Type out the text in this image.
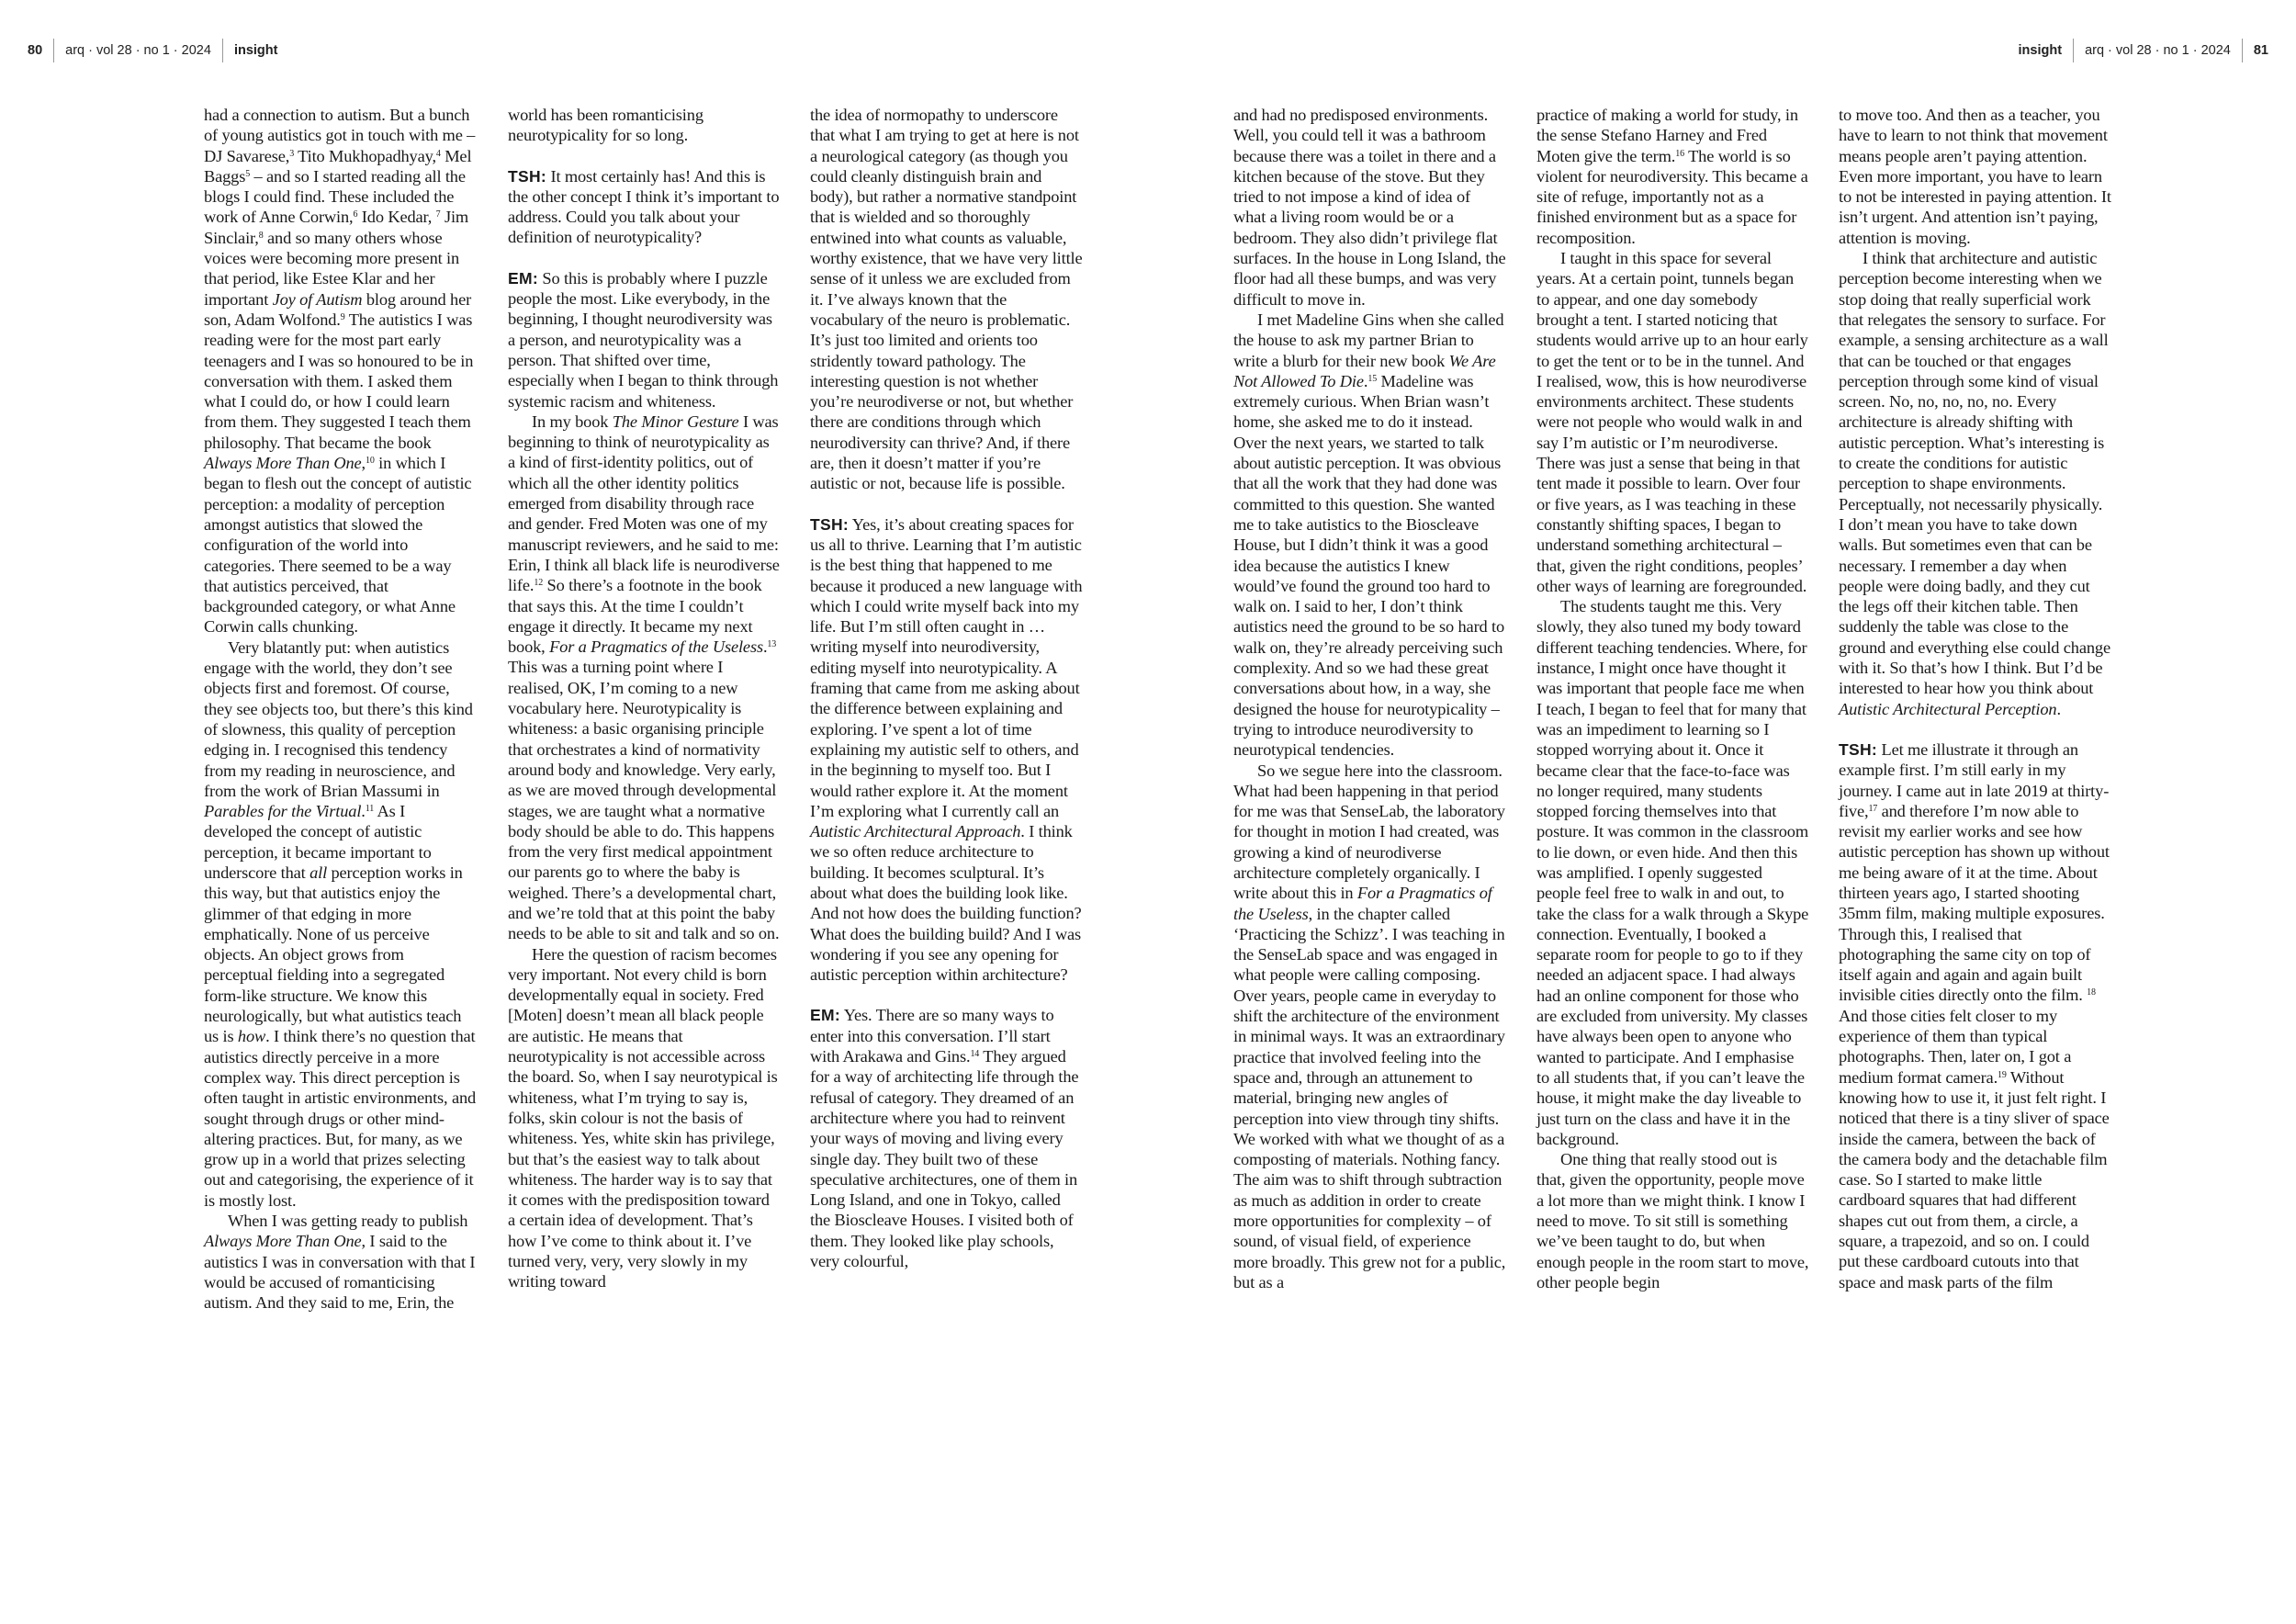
80 arq · vol 28 · no 1 · 2024 insight

had a connection to autism. But a bunch of young autistics got in touch with me – DJ Savarese,$^3$ Tito Mukhopadhyay,$^4$ Mel Baggs$^5$ – and so I started reading all the blogs I could find. These included the work of Anne Corwin,$^6$ Ido Kedar, $^7$ Jim Sinclair,$^8$ and so many others whose voices were becoming more present in that period, like Estee Klar and her important Joy of Autism blog around her son, Adam Wolfond.$^9$ The autistics I was reading were for the most part early teenagers and I was so honoured to be in conversation with them. I asked them what I could do, or how I could learn from them. They suggested I teach them philosophy. That became the book Always More Than One,$^{10}$ in which I began to flesh out the concept of autistic perception: a modality of perception amongst autistics that slowed the configuration of the world into categories. There seemed to be a way that autistics perceived, that backgrounded category, or what Anne Corwin calls chunking.

Very blatantly put: when autistics engage with the world, they don’t see objects first and foremost. Of course, they see objects too, but there’s this kind of slowness, this quality of perception edging in. I recognised this tendency from my reading in neuroscience, and from the work of Brian Massumi in Parables for the Virtual.$^{11}$ As I developed the concept of autistic perception, it became important to underscore that all perception works in this way, but that autistics enjoy the glimmer of that edging in more emphatically. None of us perceive objects. An object grows from perceptual fielding into a segregated form-like structure. We know this neurologically, but what autistics teach us is how. I think there’s no question that autistics directly perceive in a more complex way. This direct perception is often taught in artistic environments, and sought through drugs or other mind-altering practices. But, for many, as we grow up in a world that prizes selecting out and categorising, the experience of it is mostly lost.

When I was getting ready to publish Always More Than One, I said to the autistics I was in conversation with that I would be accused of romanticising autism. And they said to me, Erin, the

world has been romanticising neurotypicality for so long.

TSH: It most certainly has! And this is the other concept I think it’s important to address. Could you talk about your definition of neurotypicality?

EM: So this is probably where I puzzle people the most. Like everybody, in the beginning, I thought neurodiversity was a person, and neurotypicality was a person. That shifted over time, especially when I began to think through systemic racism and whiteness.

In my book The Minor Gesture I was beginning to think of neurotypicality as a kind of first-identity politics, out of which all the other identity politics emerged from disability through race and gender. Fred Moten was one of my manuscript reviewers, and he said to me: Erin, I think all black life is neurodiverse life.$^{12}$ So there’s a footnote in the book that says this. At the time I couldn’t engage it directly. It became my next book, For a Pragmatics of the Useless.$^{13}$ This was a turning point where I realised, OK, I’m coming to a new vocabulary here. Neurotypicality is whiteness: a basic organising principle that orchestrates a kind of normativity around body and knowledge. Very early, as we are moved through developmental stages, we are taught what a normative body should be able to do. This happens from the very first medical appointment our parents go to where the baby is weighed. There’s a developmental chart, and we’re told that at this point the baby needs to be able to sit and talk and so on.

Here the question of racism becomes very important. Not every child is born developmentally equal in society. Fred [Moten] doesn’t mean all black people are autistic. He means that neurotypicality is not accessible across the board. So, when I say neurotypical is whiteness, what I’m trying to say is, folks, skin colour is not the basis of whiteness. Yes, white skin has privilege, but that’s the easiest way to talk about whiteness. The harder way is to say that it comes with the predisposition toward a certain idea of development. That’s how I’ve come to think about it. I’ve turned very, very, very slowly in my writing toward

the idea of normopathy to underscore that what I am trying to get at here is not a neurological category (as though you could cleanly distinguish brain and body), but rather a normative standpoint that is wielded and so thoroughly entwined into what counts as valuable, worthy existence, that we have very little sense of it unless we are excluded from it. I’ve always known that the vocabulary of the neuro is problematic. It’s just too limited and orients too stridently toward pathology. The interesting question is not whether you’re neurodiverse or not, but whether there are conditions through which neurodiversity can thrive? And, if there are, then it doesn’t matter if you’re autistic or not, because life is possible.

TSH: Yes, it’s about creating spaces for us all to thrive. Learning that I’m autistic is the best thing that happened to me because it produced a new language with which I could write myself back into my life. But I’m still often caught in … writing myself into neurodiversity, editing myself into neurotypicality. A framing that came from me asking about the difference between explaining and exploring. I’ve spent a lot of time explaining my autistic self to others, and in the beginning to myself too. But I would rather explore it. At the moment I’m exploring what I currently call an Autistic Architectural Approach. I think we so often reduce architecture to building. It becomes sculptural. It’s about what does the building look like. And not how does the building function? What does the building build? And I was wondering if you see any opening for autistic perception within architecture?

EM: Yes. There are so many ways to enter into this conversation. I’ll start with Arakawa and Gins.$^{14}$ They argued for a way of architecting life through the refusal of category. They dreamed of an architecture where you had to reinvent your ways of moving and living every single day. They built two of these speculative architectures, one of them in Long Island, and one in Tokyo, called the Bioscleave Houses. I visited both of them. They looked like play schools, very colourful,

insight arq · vol 28 · no 1 · 2024 81

and had no predisposed environments. Well, you could tell it was a bathroom because there was a toilet in there and a kitchen because of the stove. But they tried to not impose a kind of idea of what a living room would be or a bedroom. They also didn’t privilege flat surfaces. In the house in Long Island, the floor had all these bumps, and was very difficult to move in.

I met Madeline Gins when she called the house to ask my partner Brian to write a blurb for their new book We Are Not Allowed To Die.$^{15}$ Madeline was extremely curious. When Brian wasn’t home, she asked me to do it instead. Over the next years, we started to talk about autistic perception. It was obvious that all the work that they had done was committed to this question. She wanted me to take autistics to the Bioscleave House, but I didn’t think it was a good idea because the autistics I knew would’ve found the ground too hard to walk on. I said to her, I don’t think autistics need the ground to be so hard to walk on, they’re already perceiving such complexity. And so we had these great conversations about how, in a way, she designed the house for neurotypicality – trying to introduce neurodiversity to neurotypical tendencies.

So we segue here into the classroom. What had been happening in that period for me was that SenseLab, the laboratory for thought in motion I had created, was growing a kind of neurodiverse architecture completely organically. I write about this in For a Pragmatics of the Useless, in the chapter called ‘Practicing the Schizz’. I was teaching in the SenseLab space and was engaged in what people were calling composing. Over years, people came in everyday to shift the architecture of the environment in minimal ways. It was an extraordinary practice that involved feeling into the space and, through an attunement to material, bringing new angles of perception into view through tiny shifts. We worked with what we thought of as a composting of materials. Nothing fancy. The aim was to shift through subtraction as much as addition in order to create more opportunities for complexity – of sound, of visual field, of experience more broadly. This grew not for a public, but as a

practice of making a world for study, in the sense Stefano Harney and Fred Moten give the term.$^{16}$ The world is so violent for neurodiversity. This became a site of refuge, importantly not as a finished environment but as a space for recomposition.

I taught in this space for several years. At a certain point, tunnels began to appear, and one day somebody brought a tent. I started noticing that students would arrive up to an hour early to get the tent or to be in the tunnel. And I realised, wow, this is how neurodiverse environments architect. These students were not people who would walk in and say I’m autistic or I’m neurodiverse. There was just a sense that being in that tent made it possible to learn. Over four or five years, as I was teaching in these constantly shifting spaces, I began to understand something architectural – that, given the right conditions, peoples’ other ways of learning are foregrounded.

The students taught me this. Very slowly, they also tuned my body toward different teaching tendencies. Where, for instance, I might once have thought it was important that people face me when I teach, I began to feel that for many that was an impediment to learning so I stopped worrying about it. Once it became clear that the face-to-face was no longer required, many students stopped forcing themselves into that posture. It was common in the classroom to lie down, or even hide. And then this was amplified. I openly suggested people feel free to walk in and out, to take the class for a walk through a Skype connection. Eventually, I booked a separate room for people to go to if they needed an adjacent space. I had always had an online component for those who are excluded from university. My classes have always been open to anyone who wanted to participate. And I emphasise to all students that, if you can’t leave the house, it might make the day liveable to just turn on the class and have it in the background.

One thing that really stood out is that, given the opportunity, people move a lot more than we might think. I know I need to move. To sit still is something we’ve been taught to do, but when enough people in the room start to move, other people begin

to move too. And then as a teacher, you have to learn to not think that movement means people aren’t paying attention. Even more important, you have to learn to not be interested in paying attention. It isn’t urgent. And attention isn’t paying, attention is moving.

I think that architecture and autistic perception become interesting when we stop doing that really superficial work that relegates the sensory to surface. For example, a sensing architecture as a wall that can be touched or that engages perception through some kind of visual screen. No, no, no, no, no. Every architecture is already shifting with autistic perception. What’s interesting is to create the conditions for autistic perception to shape environments. Perceptually, not necessarily physically. I don’t mean you have to take down walls. But sometimes even that can be necessary. I remember a day when people were doing badly, and they cut the legs off their kitchen table. Then suddenly the table was close to the ground and everything else could change with it. So that’s how I think. But I’d be interested to hear how you think about Autistic Architectural Perception.

TSH: Let me illustrate it through an example first. I’m still early in my journey. I came aut in late 2019 at thirty-five,$^{17}$ and therefore I’m now able to revisit my earlier works and see how autistic perception has shown up without me being aware of it at the time. About thirteen years ago, I started shooting 35mm film, making multiple exposures. Through this, I realised that photographing the same city on top of itself again and again and again built invisible cities directly onto the film. $^{18}$ And those cities felt closer to my experience of them than typical photographs. Then, later on, I got a medium format camera.$^{19}$ Without knowing how to use it, it just felt right. I noticed that there is a tiny sliver of space inside the camera, between the back of the camera body and the detachable film case. So I started to make little cardboard squares that had different shapes cut out from them, a circle, a square, a trapezoid, and so on. I could put these cardboard cutouts into that space and mask parts of the film
